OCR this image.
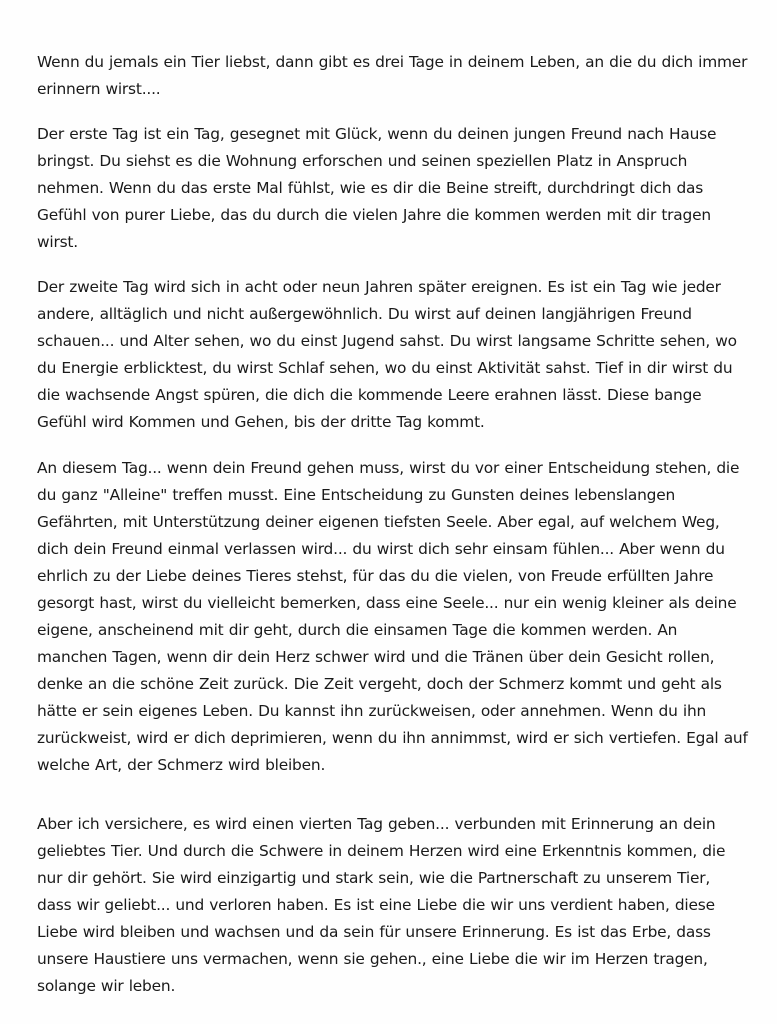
Wenn du jemals ein Tier liebst, dann gibt es drei Tage in deinem Leben, an die du dich immer erinnern wirst....
Der erste Tag ist ein Tag, gesegnet mit Glück, wenn du deinen jungen Freund nach Hause bringst. Du siehst es die Wohnung erforschen und seinen speziellen Platz in Anspruch nehmen. Wenn du das erste Mal fühlst, wie es dir die Beine streift, durchdringt dich das Gefühl von purer Liebe, das du durch die vielen Jahre die kommen werden mit dir tragen wirst.
Der zweite Tag wird sich in acht oder neun Jahren später ereignen. Es ist ein Tag wie jeder andere, alltäglich und nicht außergewöhnlich. Du wirst auf deinen langjährigen Freund schauen... und Alter sehen, wo du einst Jugend sahst. Du wirst langsame Schritte sehen, wo du Energie erblicktest, du wirst Schlaf sehen, wo du einst Aktivität sahst. Tief in dir wirst du die wachsende Angst spüren, die dich die kommende Leere erahnen lässt. Diese bange Gefühl wird Kommen und Gehen, bis der dritte Tag kommt.
An diesem Tag... wenn dein Freund gehen muss, wirst du vor einer Entscheidung stehen, die du ganz "Alleine" treffen musst. Eine Entscheidung zu Gunsten deines lebenslangen Gefährten, mit Unterstützung deiner eigenen tiefsten Seele. Aber egal, auf welchem Weg, dich dein Freund einmal verlassen wird... du wirst dich sehr einsam fühlen... Aber wenn du ehrlich zu der Liebe deines Tieres stehst, für das du die vielen, von Freude erfüllten Jahre gesorgt hast, wirst du vielleicht bemerken, dass eine Seele... nur ein wenig kleiner als deine eigene, anscheinend mit dir geht, durch die einsamen Tage die kommen werden. An manchen Tagen, wenn dir dein Herz schwer wird und die Tränen über dein Gesicht rollen, denke an die schöne Zeit zurück. Die Zeit vergeht, doch der Schmerz kommt und geht als hätte er sein eigenes Leben. Du kannst ihn zurückweisen, oder annehmen. Wenn du ihn zurückweist, wird er dich deprimieren, wenn du ihn annimmst, wird er sich vertiefen. Egal auf welche Art, der Schmerz wird bleiben.
Aber ich versichere, es wird einen vierten Tag geben... verbunden mit Erinnerung an dein geliebtes Tier. Und durch die Schwere in deinem Herzen wird eine Erkenntnis kommen, die nur dir gehört. Sie wird einzigartig und stark sein, wie die Partnerschaft zu unserem Tier, dass wir geliebt... und verloren haben. Es ist eine Liebe die wir uns verdient haben, diese Liebe wird bleiben und wachsen und da sein für unsere Erinnerung. Es ist das Erbe, dass unsere Haustiere uns vermachen, wenn sie gehen., eine Liebe die wir im Herzen tragen, solange wir leben.
